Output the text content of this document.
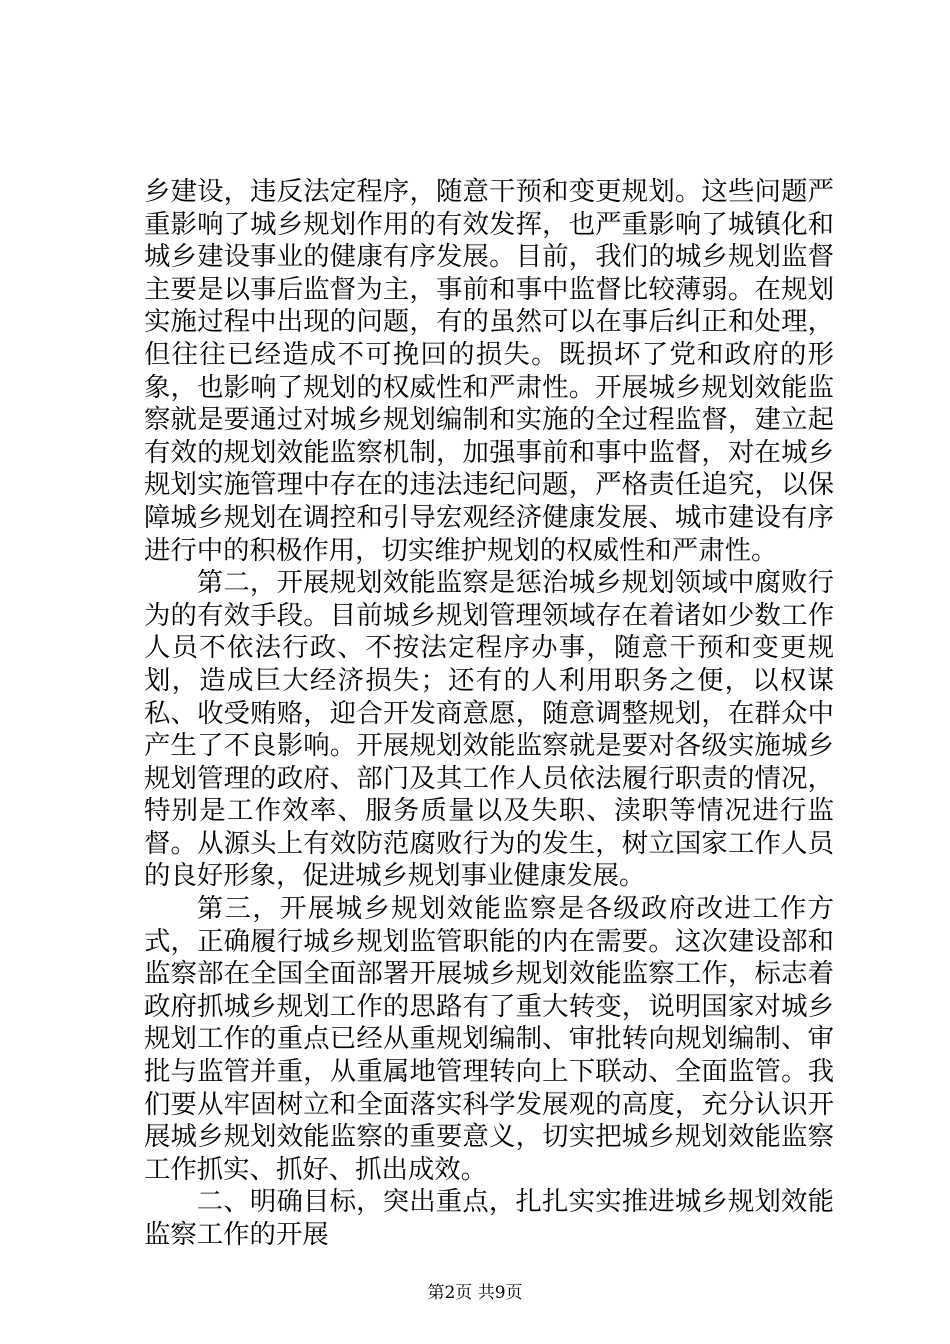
乡建设，违反法定程序，随意干预和变更规划。这些问题严重影响了城乡规划作用的有效发挥，也严重影响了城镇化和城乡建设事业的健康有序发展。目前，我们的城乡规划监督主要是以事后监督为主，事前和事中监督比较薄弱。在规划实施过程中出现的问题，有的虽然可以在事后纠正和处理，但往往已经造成不可挽回的损失。既损坏了党和政府的形象，也影响了规划的权威性和严肃性。开展城乡规划效能监察就是要通过对城乡规划编制和实施的全过程监督，建立起有效的规划效能监察机制，加强事前和事中监督，对在城乡规划实施管理中存在的违法违纪问题，严格责任追究，以保障城乡规划在调控和引导宏观经济健康发展、城市建设有序进行中的积极作用，切实维护规划的权威性和严肃性。

第二，开展规划效能监察是惩治城乡规划领域中腐败行为的有效手段。目前城乡规划管理领域存在着诸如少数工作人员不依法行政、不按法定程序办事，随意干预和变更规划，造成巨大经济损失；还有的人利用职务之便，以权谋私、收受贿赂，迎合开发商意愿，随意调整规划，在群众中产生了不良影响。开展规划效能监察就是要对各级实施城乡规划管理的政府、部门及其工作人员依法履行职责的情况，特别是工作效率、服务质量以及失职、渎职等情况进行监督。从源头上有效防范腐败行为的发生，树立国家工作人员的良好形象，促进城乡规划事业健康发展。

第三，开展城乡规划效能监察是各级政府改进工作方式，正确履行城乡规划监管职能的内在需要。这次建设部和监察部在全国全面部署开展城乡规划效能监察工作，标志着政府抓城乡规划工作的思路有了重大转变，说明国家对城乡规划工作的重点已经从重规划编制、审批转向规划编制、审批与监管并重，从重属地管理转向上下联动、全面监管。我们要从牢固树立和全面落实科学发展观的高度，充分认识开展城乡规划效能监察的重要意义，切实把城乡规划效能监察工作抓实、抓好、抓出成效。

二、明确目标，突出重点，扎扎实实推进城乡规划效能监察工作的开展

第2页 共9页
